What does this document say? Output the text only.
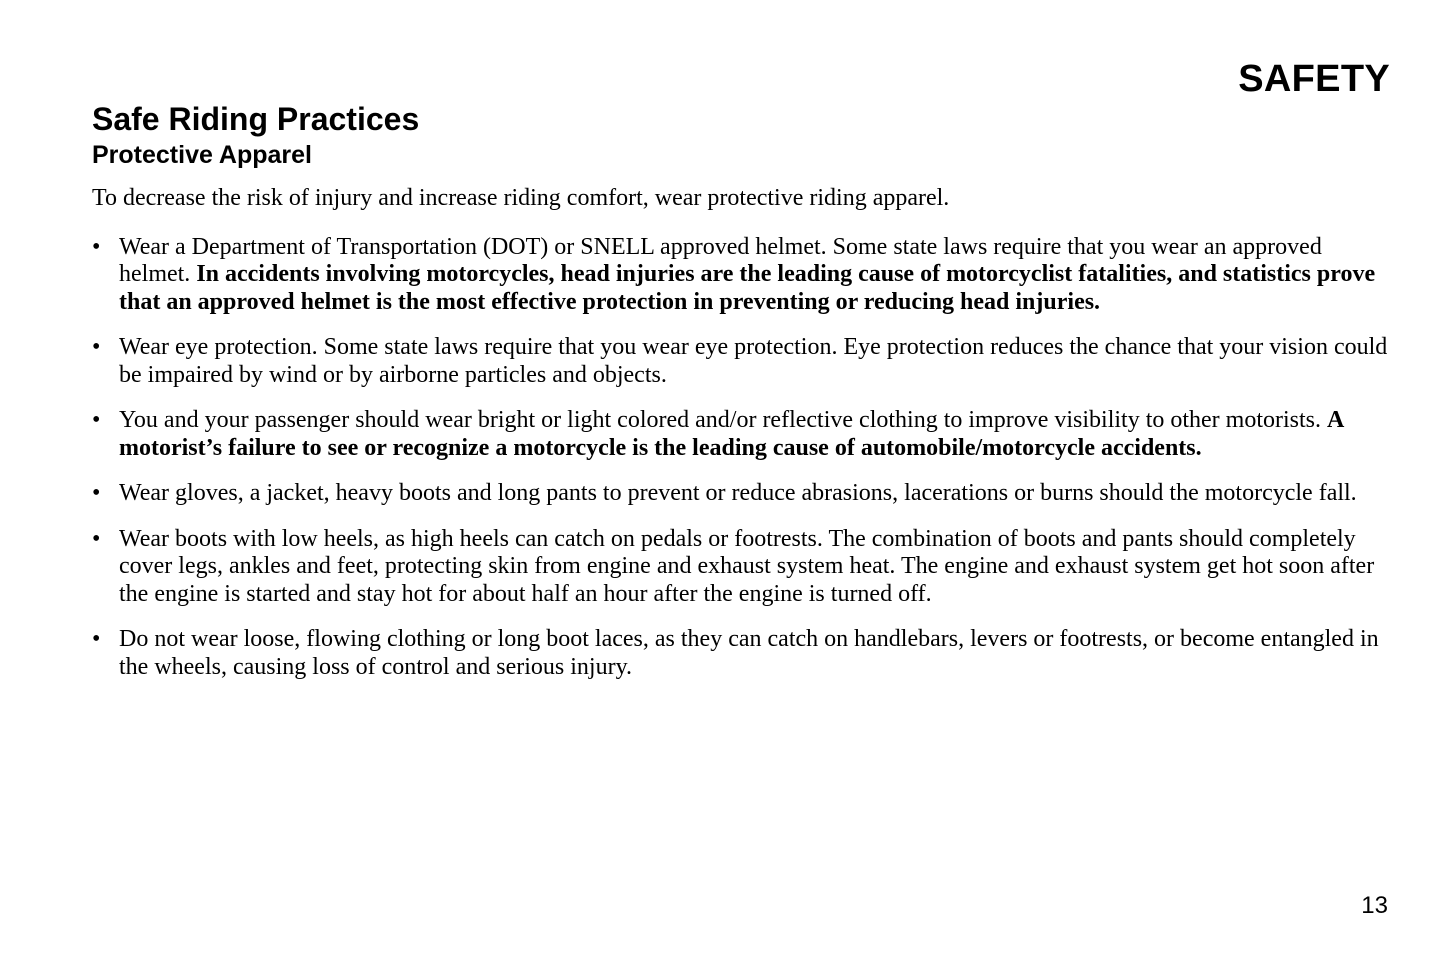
SAFETY
Safe Riding Practices
Protective Apparel

To decrease the risk of injury and increase riding comfort, wear protective riding apparel.

• Wear a Department of Transportation (DOT) or SNELL approved helmet. Some state laws require that you wear an approved helmet. In accidents involving motorcycles, head injuries are the leading cause of motorcyclist fatalities, and statistics prove that an approved helmet is the most effective protection in preventing or reducing head injuries.
• Wear eye protection. Some state laws require that you wear eye protection. Eye protection reduces the chance that your vision could be impaired by wind or by airborne particles and objects.
• You and your passenger should wear bright or light colored and/or reflective clothing to improve visibility to other motorists. A motorist’s failure to see or recognize a motorcycle is the leading cause of automobile/motorcycle accidents.
• Wear gloves, a jacket, heavy boots and long pants to prevent or reduce abrasions, lacerations or burns should the motorcycle fall.
• Wear boots with low heels, as high heels can catch on pedals or footrests. The combination of boots and pants should completely cover legs, ankles and feet, protecting skin from engine and exhaust system heat. The engine and exhaust system get hot soon after the engine is started and stay hot for about half an hour after the engine is turned off.
• Do not wear loose, flowing clothing or long boot laces, as they can catch on handlebars, levers or footrests, or become entangled in the wheels, causing loss of control and serious injury.

13
